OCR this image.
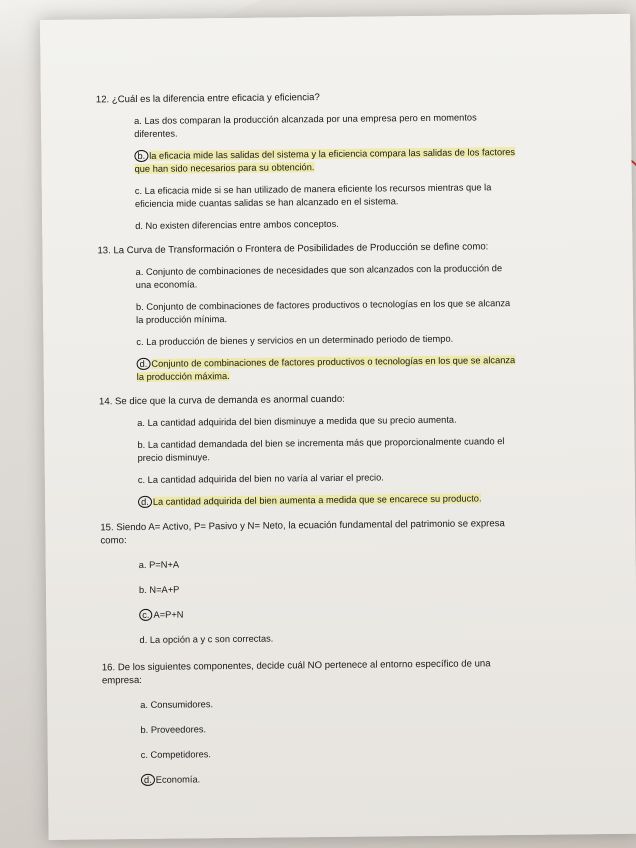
12. ¿Cuál es la diferencia entre eficacia y eficiencia?
a. Las dos comparan la producción alcanzada por una empresa pero en momentos diferentes.
b. la eficacia mide las salidas del sistema y la eficiencia compara las salidas de los factores que han sido necesarios para su obtención.
c. La eficacia mide si se han utilizado de manera eficiente los recursos mientras que la eficiencia mide cuantas salidas se han alcanzado en el sistema.
d. No existen diferencias entre ambos conceptos.
13. La Curva de Transformación o Frontera de Posibilidades de Producción se define como:
a. Conjunto de combinaciones de necesidades que son alcanzados con la producción de una economía.
b. Conjunto de combinaciones de factores productivos o tecnologías en los que se alcanza la producción mínima.
c. La producción de bienes y servicios en un determinado periodo de tiempo.
d. Conjunto de combinaciones de factores productivos o tecnologías en los que se alcanza la producción máxima.
14. Se dice que la curva de demanda es anormal cuando:
a. La cantidad adquirida del bien disminuye a medida que su precio aumenta.
b. La cantidad demandada del bien se incrementa más que proporcionalmente cuando el precio disminuye.
c. La cantidad adquirida del bien no varía al variar el precio.
d. La cantidad adquirida del bien aumenta a medida que se encarece su producto.
15. Siendo A= Activo, P= Pasivo y N= Neto, la ecuación fundamental del patrimonio se expresa como:
a. P=N+A
b. N=A+P
c. A=P+N
d. La opción a y c son correctas.
16. De los siguientes componentes, decide cuál NO pertenece al entorno específico de una empresa:
a. Consumidores.
b. Proveedores.
c. Competidores.
d. Economía.
